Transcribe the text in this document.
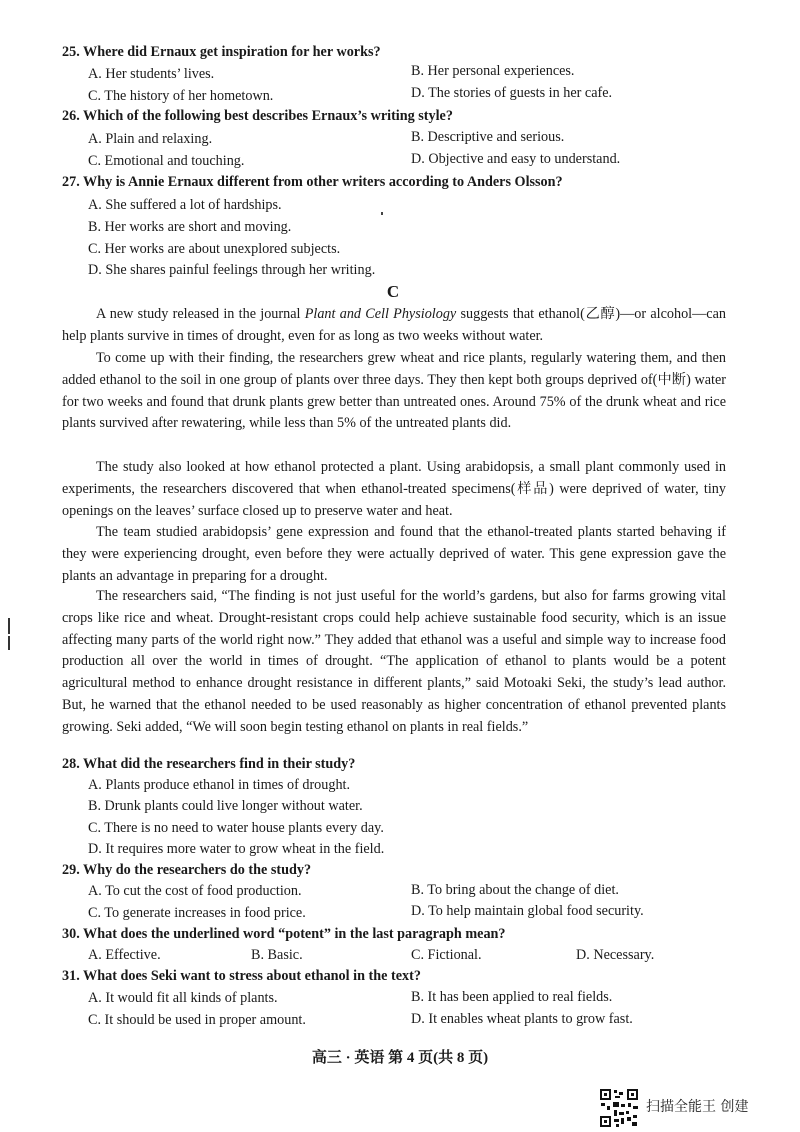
25. Where did Ernaux get inspiration for her works?
A. Her students’ lives.	B. Her personal experiences.
C. The history of her hometown.	D. The stories of guests in her cafe.
26. Which of the following best describes Ernaux’s writing style?
A. Plain and relaxing.	B. Descriptive and serious.
C. Emotional and touching.	D. Objective and easy to understand.
27. Why is Annie Ernaux different from other writers according to Anders Olsson?
A. She suffered a lot of hardships.
B. Her works are short and moving.
C. Her works are about unexplored subjects.
D. She shares painful feelings through her writing.
C

A new study released in the journal Plant and Cell Physiology suggests that ethanol(乙醇)—or alcohol—can help plants survive in times of drought, even for as long as two weeks without water.

To come up with their finding, the researchers grew wheat and rice plants, regularly watering them, and then added ethanol to the soil in one group of plants over three days. They then kept both groups deprived of(中断) water for two weeks and found that drunk plants grew better than untreated ones. Around 75% of the drunk wheat and rice plants survived after rewatering, while less than 5% of the untreated plants did.

The study also looked at how ethanol protected a plant. Using arabidopsis, a small plant commonly used in experiments, the researchers discovered that when ethanol-treated specimens(样品) were deprived of water, tiny openings on the leaves’ surface closed up to preserve water and heat.

The team studied arabidopsis’ gene expression and found that the ethanol-treated plants started behaving if they were experiencing drought, even before they were actually deprived of water. This gene expression gave the plants an advantage in preparing for a drought.

The researchers said, “The finding is not just useful for the world’s gardens, but also for farms growing vital crops like rice and wheat. Drought-resistant crops could help achieve sustainable food security, which is an issue affecting many parts of the world right now.” They added that ethanol was a useful and simple way to increase food production all over the world in times of drought. “The application of ethanol to plants would be a potent agricultural method to enhance drought resistance in different plants,” said Motoaki Seki, the study’s lead author. But, he warned that the ethanol needed to be used reasonably as higher concentration of ethanol prevented plants growing. Seki added, “We will soon begin testing ethanol on plants in real fields.”

28. What did the researchers find in their study?
A. Plants produce ethanol in times of drought.
B. Drunk plants could live longer without water.
C. There is no need to water house plants every day.
D. It requires more water to grow wheat in the field.
29. Why do the researchers do the study?
A. To cut the cost of food production.	B. To bring about the change of diet.
C. To generate increases in food price.	D. To help maintain global food security.
30. What does the underlined word “potent” in the last paragraph mean?
A. Effective.	B. Basic.	C. Fictional.	D. Necessary.
31. What does Seki want to stress about ethanol in the text?
A. It would fit all kinds of plants.	B. It has been applied to real fields.
C. It should be used in proper amount.	D. It enables wheat plants to grow fast.
高三 · 英语 第 4 页(共 8 页)
扫描全能王 创建
